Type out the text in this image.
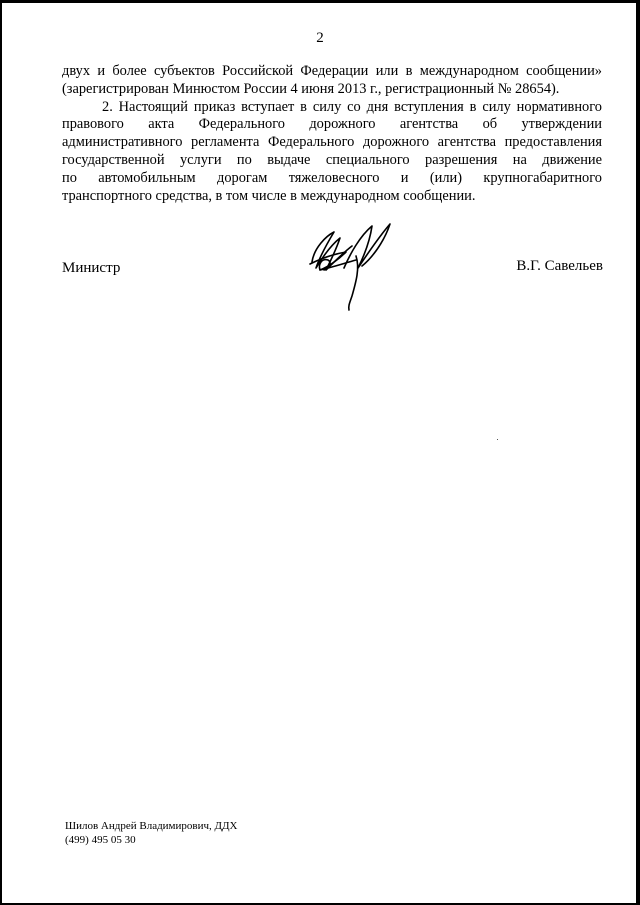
2
двух и более субъектов Российской Федерации или в международном сообщении»
(зарегистрирован Минюстом России 4 июня 2013 г., регистрационный № 28654).
2. Настоящий приказ вступает в силу со дня вступления в силу нормативного
правового акта Федерального дорожного агентства об утверждении
административного регламента Федерального дорожного агентства предоставления
государственной услуги по выдаче специального разрешения на движение
по автомобильным дорогам тяжеловесного и (или) крупногабаритного
транспортного средства, в том числе в международном сообщении.
Министр	В.Г. Савельев
Шилов Андрей Владимирович, ДДХ
(499) 495 05 30
